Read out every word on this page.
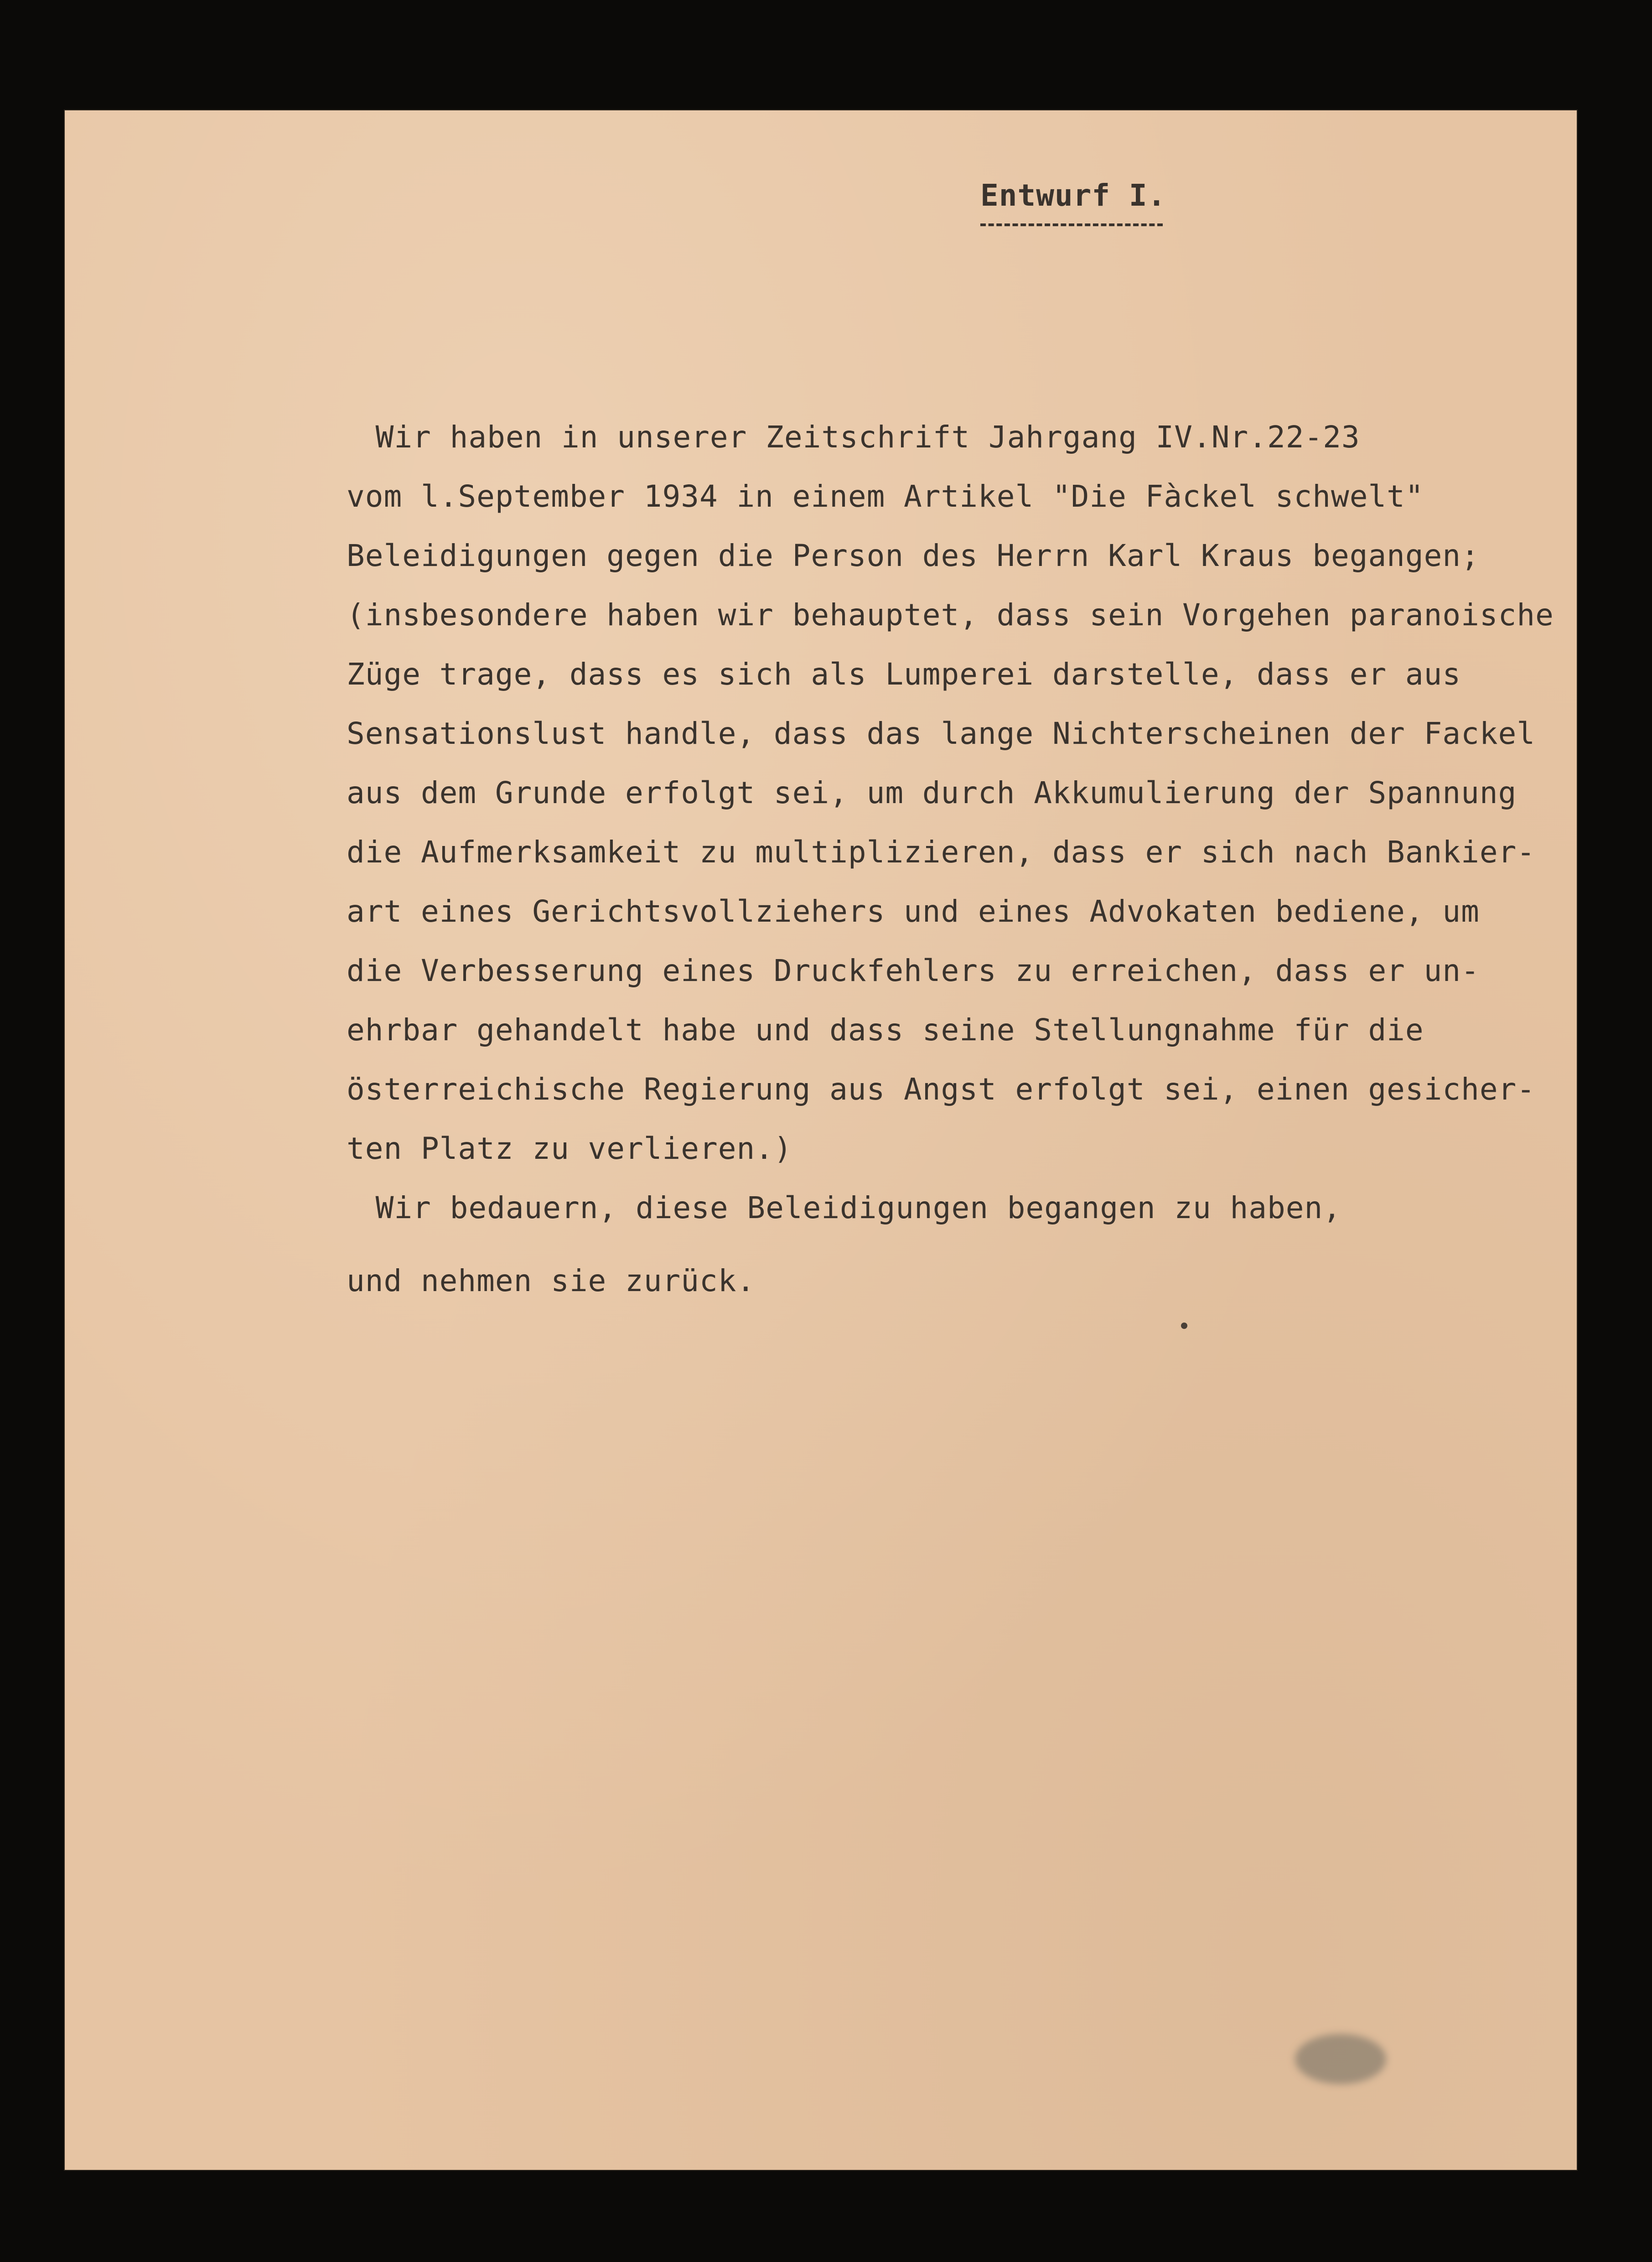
Entwurf I.
Wir haben in unserer Zeitschrift Jahrgang IV.Nr.22-23
vom l.September 1934 in einem Artikel "Die Fàckel schwelt"
Beleidigungen gegen die Person des Herrn Karl Kraus begangen;
(insbesondere haben wir behauptet, dass sein Vorgehen paranoische
Züge trage, dass es sich als Lumperei darstelle, dass er aus
Sensationslust handle, dass das lange Nichterscheinen der Fackel
aus dem Grunde erfolgt sei, um durch Akkumulierung der Spannung
die Aufmerksamkeit zu multiplizieren, dass er sich nach Bankier-
art eines Gerichtsvollziehers und eines Advokaten bediene, um
die Verbesserung eines Druckfehlers zu erreichen, dass er un-
ehrbar gehandelt habe und dass seine Stellungnahme für die
österreichische Regierung aus Angst erfolgt sei, einen gesicher-
ten Platz zu verlieren.)
Wir bedauern, diese Beleidigungen begangen zu haben,
und nehmen sie zurück.
